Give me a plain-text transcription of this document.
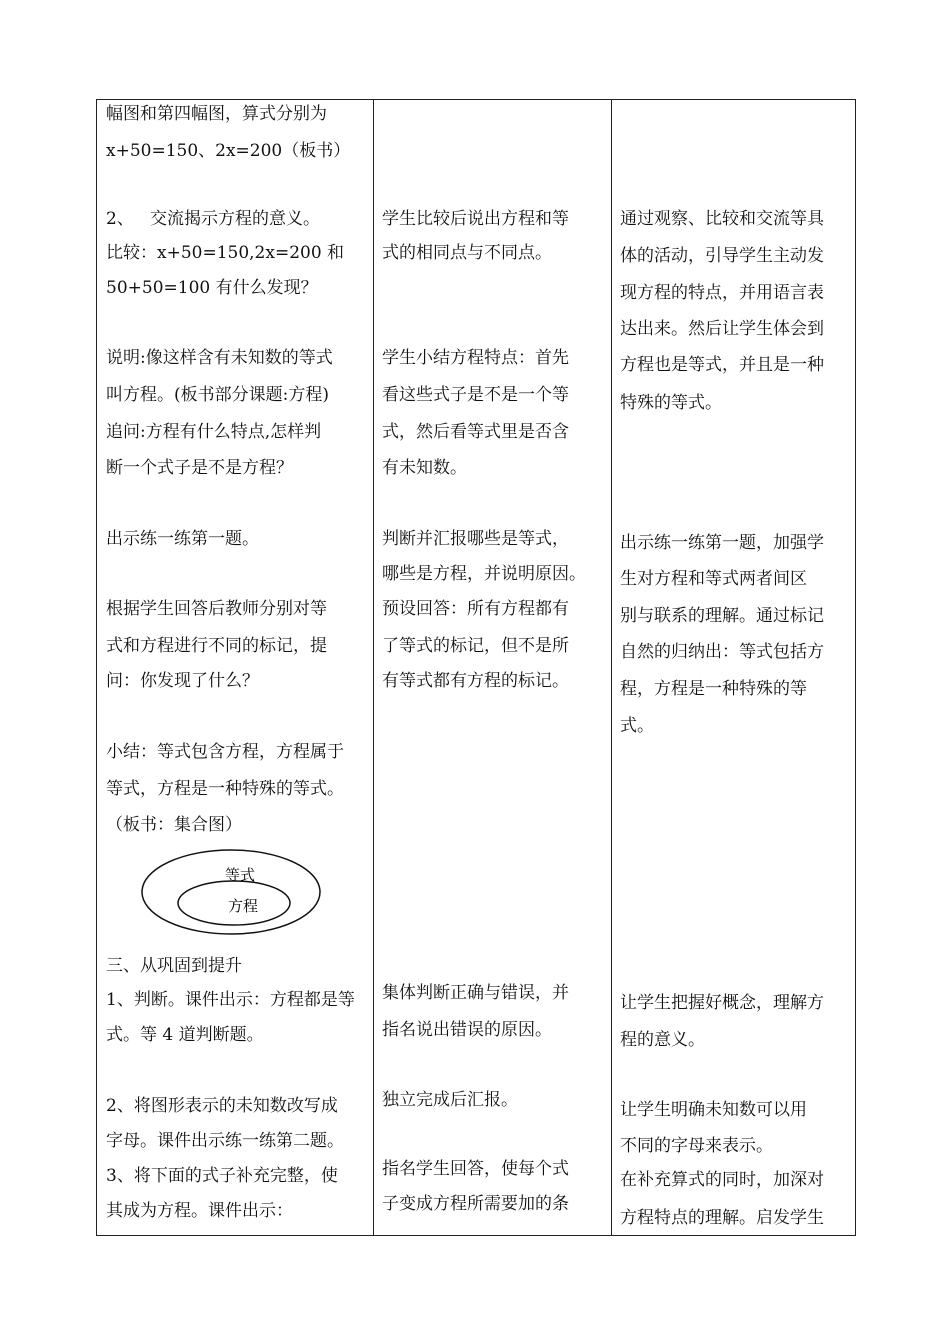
幅图和第四幅图，算式分别为
x+50=150、2x=200（板书）
2、   交流揭示方程的意义。
比较：x+50=150,2x=200 和
50+50=100 有什么发现？
说明:像这样含有未知数的等式
叫方程。(板书部分课题:方程)
追问:方程有什么特点,怎样判
断一个式子是不是方程？
出示练一练第一题。
根据学生回答后教师分别对等
式和方程进行不同的标记，提
问：你发现了什么？
小结：等式包含方程，方程属于
等式，方程是一种特殊的等式。
（板书：集合图）
等式
方程
三、从巩固到提升
1、判断。课件出示：方程都是等
式。等 4 道判断题。
2、将图形表示的未知数改写成
字母。课件出示练一练第二题。
3、将下面的式子补充完整，使
其成为方程。课件出示：
学生比较后说出方程和等
式的相同点与不同点。
学生小结方程特点：首先
看这些式子是不是一个等
式，然后看等式里是否含
有未知数。
判断并汇报哪些是等式，
哪些是方程，并说明原因。
预设回答：所有方程都有
了等式的标记，但不是所
有等式都有方程的标记。
集体判断正确与错误，并
指名说出错误的原因。
独立完成后汇报。
指名学生回答，使每个式
子变成方程所需要加的条
通过观察、比较和交流等具
体的活动，引导学生主动发
现方程的特点，并用语言表
达出来。然后让学生体会到
方程也是等式，并且是一种
特殊的等式。
出示练一练第一题，加强学
生对方程和等式两者间区
别与联系的理解。通过标记
自然的归纳出：等式包括方
程，方程是一种特殊的等
式。
让学生把握好概念，理解方
程的意义。
让学生明确未知数可以用
不同的字母来表示。
在补充算式的同时，加深对
方程特点的理解。启发学生
